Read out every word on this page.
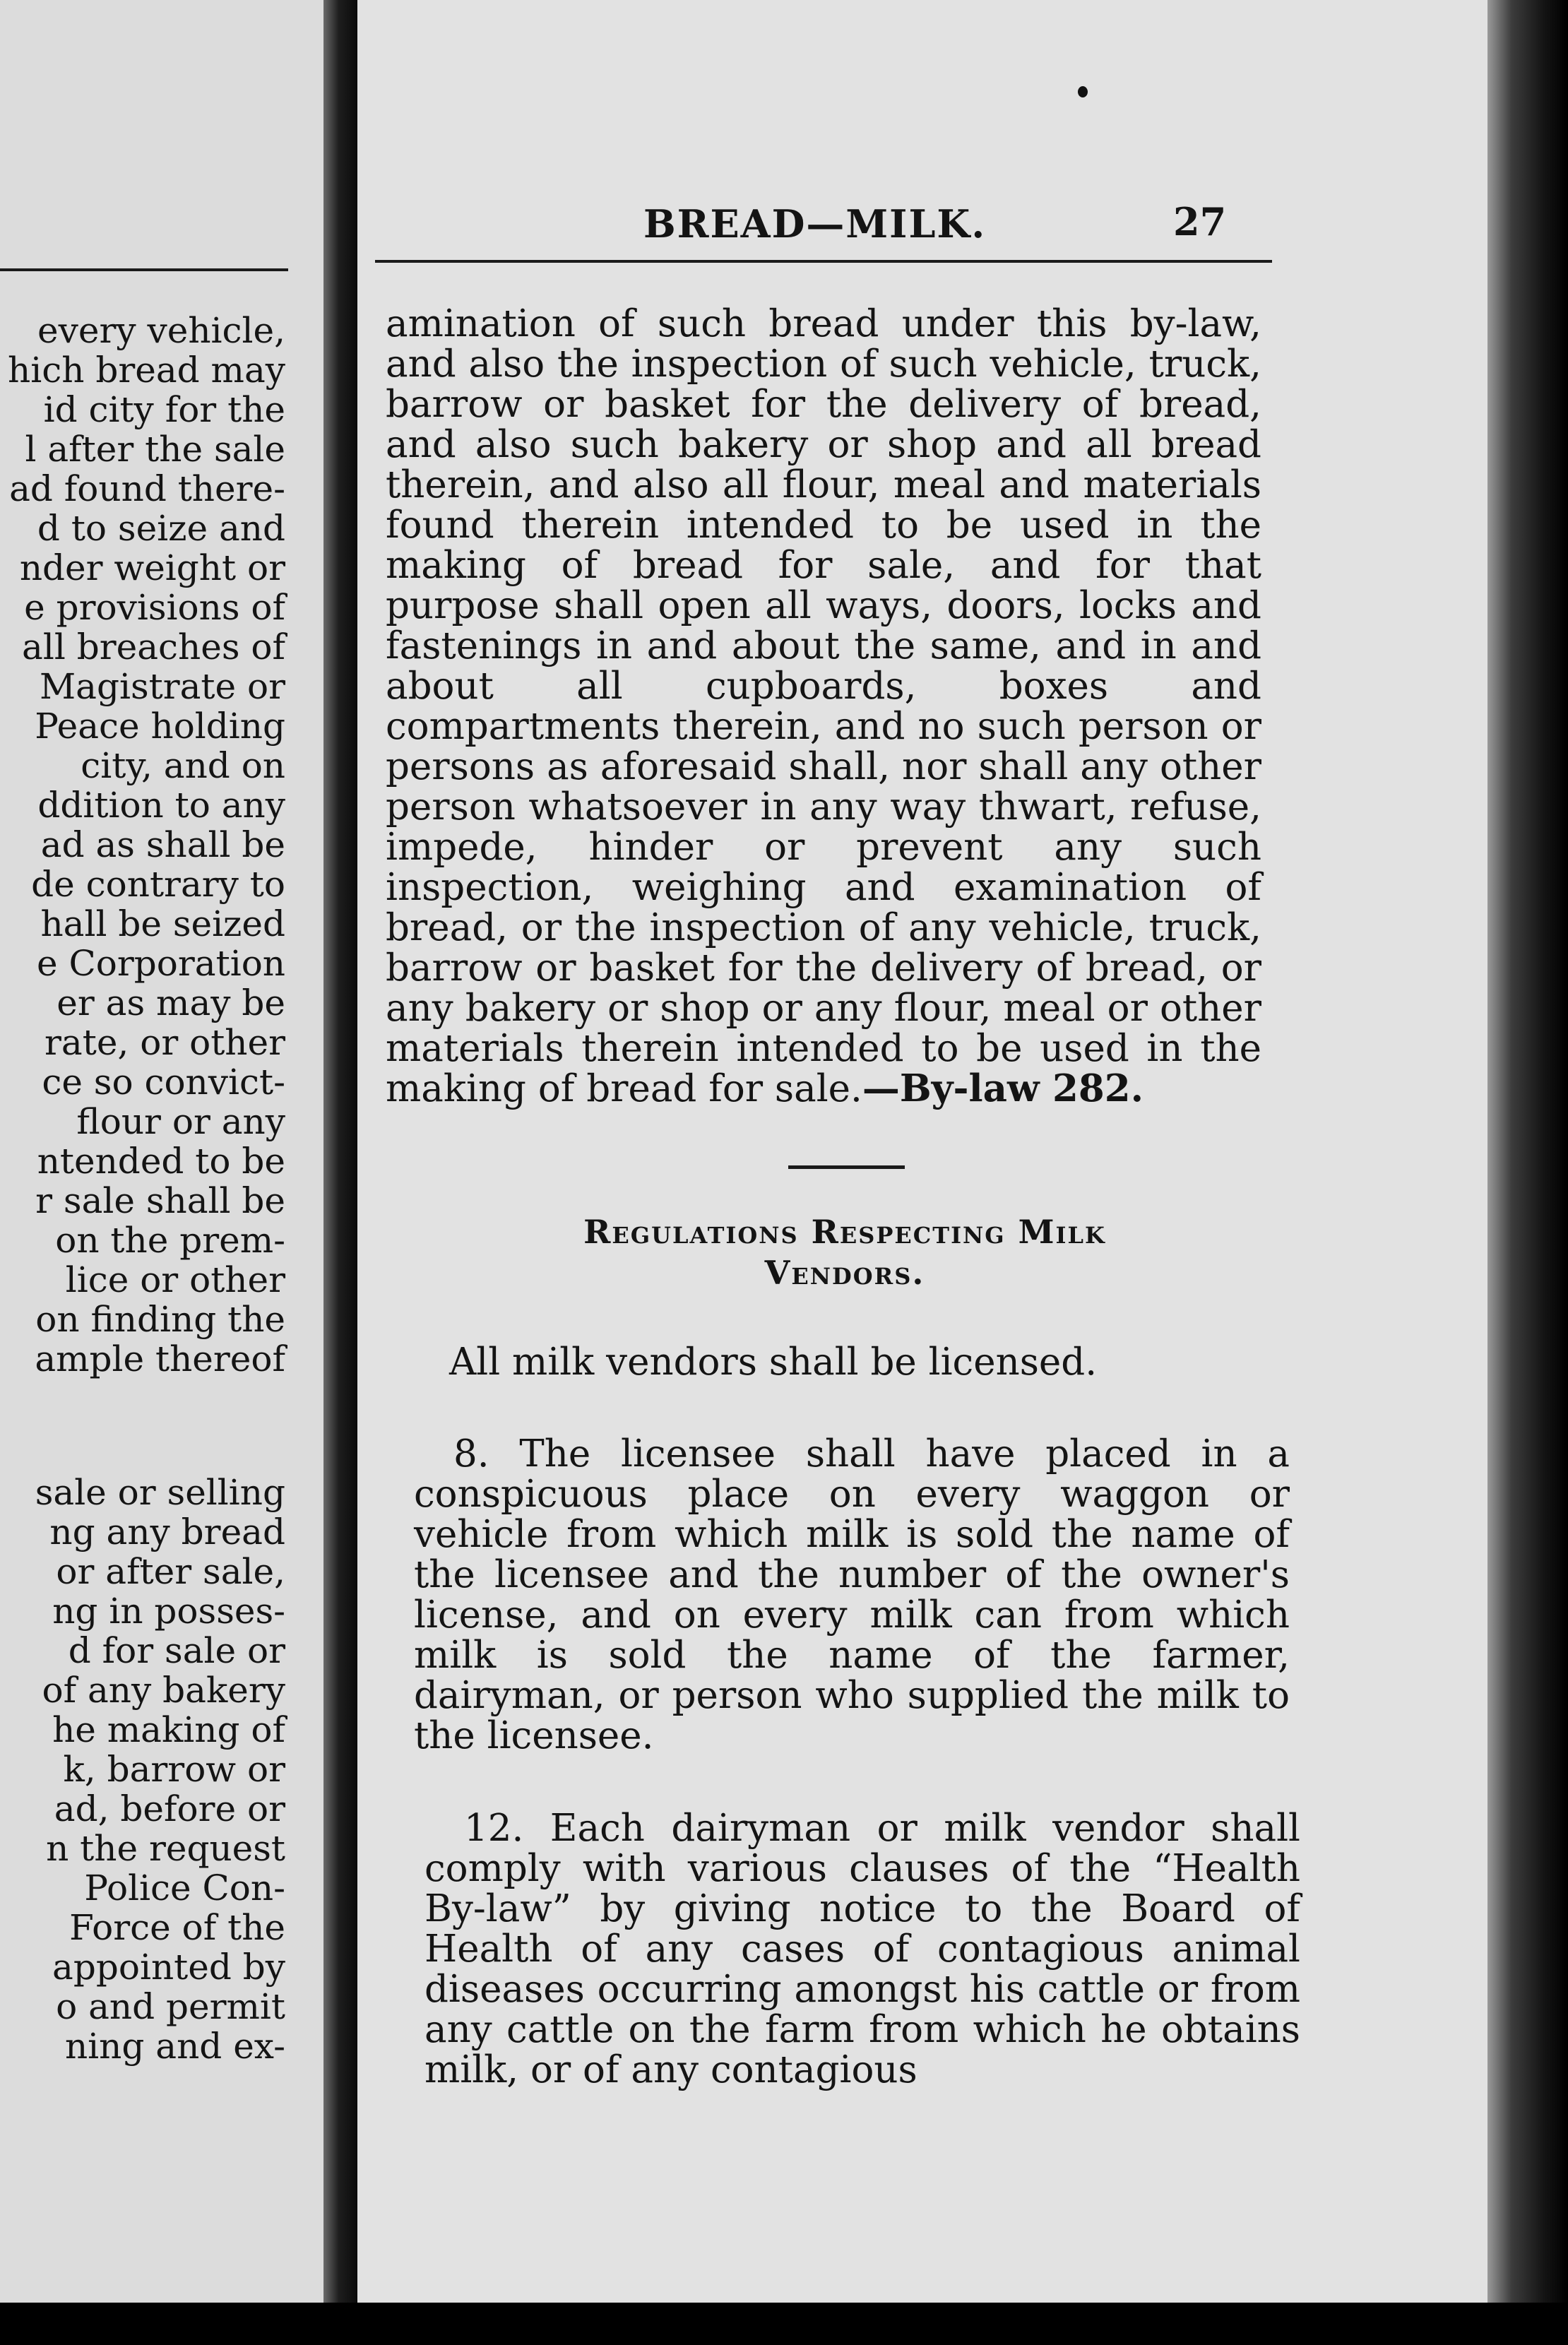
every vehicle,
hich bread may
id city for the
l after the sale
ad found there-
d to seize and
nder weight or
e provisions of
all breaches of
Magistrate or
Peace holding
city, and on
ddition to any
ad as shall be
de contrary to
hall be seized
e Corporation
er as may be
rate, or other
ce so convict-
flour or any
ntended to be
r sale shall be
on the prem-
lice or other
on finding the
ample thereof
sale or selling
ng any bread
or after sale,
ng in posses-
d for sale or
of any bakery
he making of
k, barrow or
ad, before or
n the request
Police Con-
Force of the
appointed by
o and permit
ning and ex-
BREAD—MILK.	27

amination of such bread under this by-law, and also the inspection of such vehicle, truck, barrow or basket for the delivery of bread, and also such bakery or shop and all bread therein, and also all flour, meal and materials found therein intended to be used in the making of bread for sale, and for that purpose shall open all ways, doors, locks and fastenings in and about the same, and in and about all cupboards, boxes and compartments therein, and no such person or persons as aforesaid shall, nor shall any other person whatsoever in any way thwart, refuse, impede, hinder or prevent any such inspection, weighing and examination of bread, or the inspection of any vehicle, truck, barrow or basket for the delivery of bread, or any bakery or shop or any flour, meal or other materials therein intended to be used in the making of bread for sale.—By-law 282.

Regulations Respecting Milk
Vendors.

All milk vendors shall be licensed.

8. The licensee shall have placed in a conspicuous place on every waggon or vehicle from which milk is sold the name of the licensee and the number of the owner's license, and on every milk can from which milk is sold the name of the farmer, dairyman, or person who supplied the milk to the licensee.

12. Each dairyman or milk vendor shall comply with various clauses of the “Health By-law” by giving notice to the Board of Health of any cases of contagious animal diseases occurring amongst his cattle or from any cattle on the farm from which he obtains milk, or of any contagious
